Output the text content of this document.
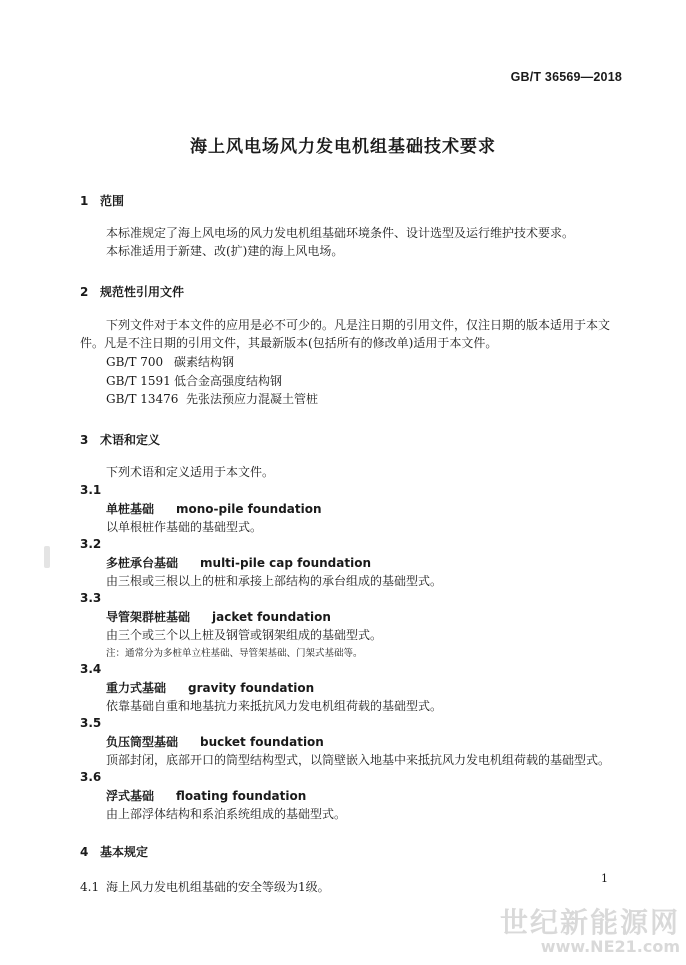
GB/T 36569—2018
海上风电场风力发电机组基础技术要求
1 范围
本标准规定了海上风电场的风力发电机组基础环境条件、设计选型及运行维护技术要求。
本标准适用于新建、改(扩)建的海上风电场。
2 规范性引用文件
下列文件对于本文件的应用是必不可少的。凡是注日期的引用文件，仅注日期的版本适用于本文
件。凡是不注日期的引用文件，其最新版本(包括所有的修改单)适用于本文件。
GB/T 700 碳素结构钢
GB/T 1591 低合金高强度结构钢
GB/T 13476 先张法预应力混凝土管桩
3 术语和定义
下列术语和定义适用于本文件。
3.1
单桩基础 mono-pile foundation
以单根桩作基础的基础型式。
3.2
多桩承台基础 multi-pile cap foundation
由三根或三根以上的桩和承接上部结构的承台组成的基础型式。
3.3
导管架群桩基础 jacket foundation
由三个或三个以上桩及钢管或钢架组成的基础型式。
注：通常分为多桩单立柱基础、导管架基础、门架式基础等。
3.4
重力式基础 gravity foundation
依靠基础自重和地基抗力来抵抗风力发电机组荷载的基础型式。
3.5
负压筒型基础 bucket foundation
顶部封闭，底部开口的筒型结构型式，以筒壁嵌入地基中来抵抗风力发电机组荷载的基础型式。
3.6
浮式基础 floating foundation
由上部浮体结构和系泊系统组成的基础型式。
4 基本规定
4.1 海上风力发电机组基础的安全等级为1级。
1
世纪新能源网
www.NE21.com
